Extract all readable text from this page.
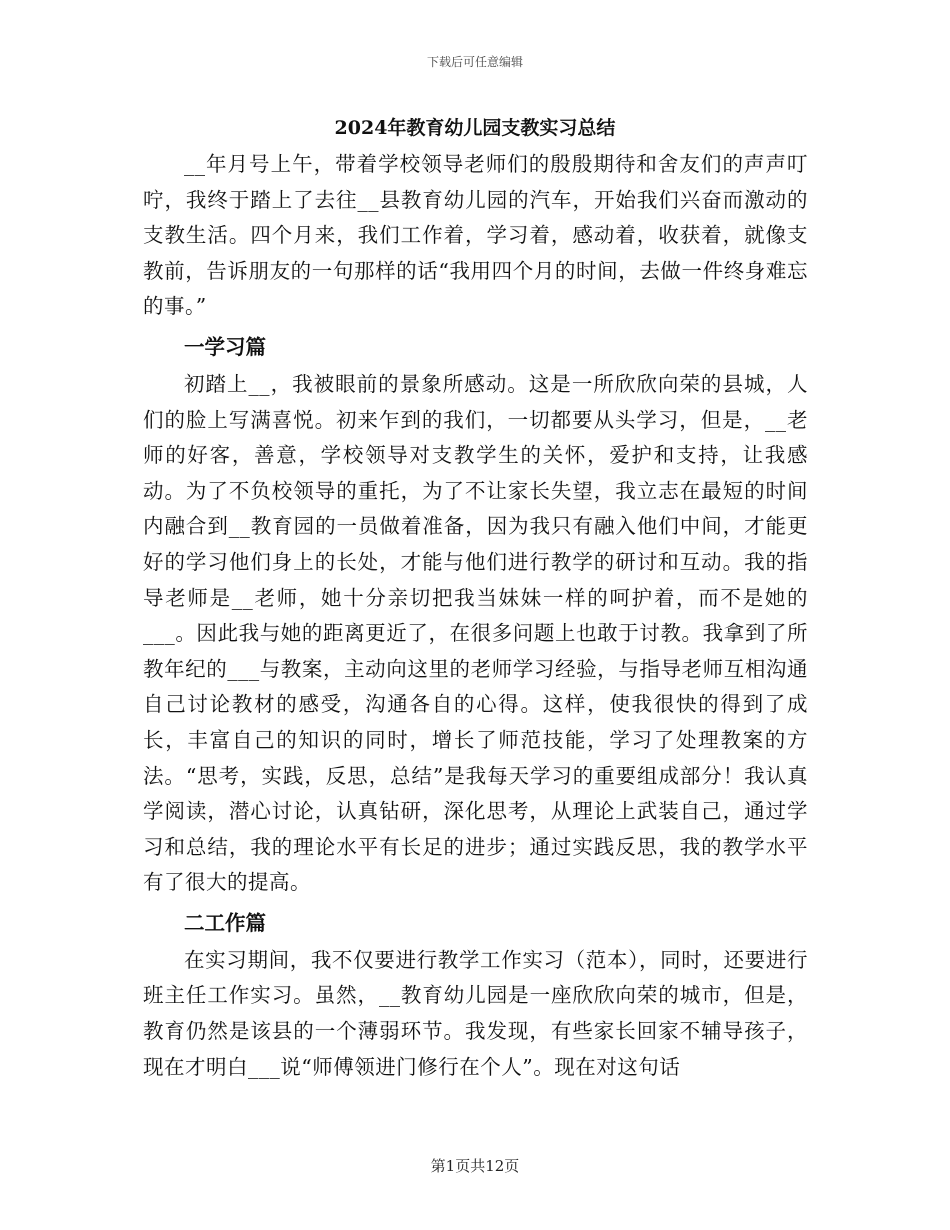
下载后可任意编辑
2024年教育幼儿园支教实习总结

__年月号上午，带着学校领导老师们的殷殷期待和舍友们的声声叮咛，我终于踏上了去往__县教育幼儿园的汽车，开始我们兴奋而激动的支教生活。四个月来，我们工作着，学习着，感动着，收获着，就像支教前，告诉朋友的一句那样的话“我用四个月的时间，去做一件终身难忘的事。”

一学习篇

初踏上__，我被眼前的景象所感动。这是一所欣欣向荣的县城，人们的脸上写满喜悦。初来乍到的我们，一切都要从头学习，但是，__老师的好客，善意，学校领导对支教学生的关怀，爱护和支持，让我感动。为了不负校领导的重托，为了不让家长失望，我立志在最短的时间内融合到__教育园的一员做着准备，因为我只有融入他们中间，才能更好的学习他们身上的长处，才能与他们进行教学的研讨和互动。我的指导老师是__老师，她十分亲切把我当妹妹一样的呵护着，而不是她的___。因此我与她的距离更近了，在很多问题上也敢于讨教。我拿到了所教年纪的___与教案，主动向这里的老师学习经验，与指导老师互相沟通自己讨论教材的感受，沟通各自的心得。这样，使我很快的得到了成长，丰富自己的知识的同时，增长了师范技能，学习了处理教案的方法。“思考，实践，反思，总结”是我每天学习的重要组成部分！我认真学阅读，潜心讨论，认真钻研，深化思考，从理论上武装自己，通过学习和总结，我的理论水平有长足的进步；通过实践反思，我的教学水平有了很大的提高。

二工作篇

在实习期间，我不仅要进行教学工作实习（范本），同时，还要进行班主任工作实习。虽然，__教育幼儿园是一座欣欣向荣的城市，但是，教育仍然是该县的一个薄弱环节。我发现，有些家长回家不辅导孩子，现在才明白___说“师傅领进门修行在个人”。现在对这句话

第1页共12页
